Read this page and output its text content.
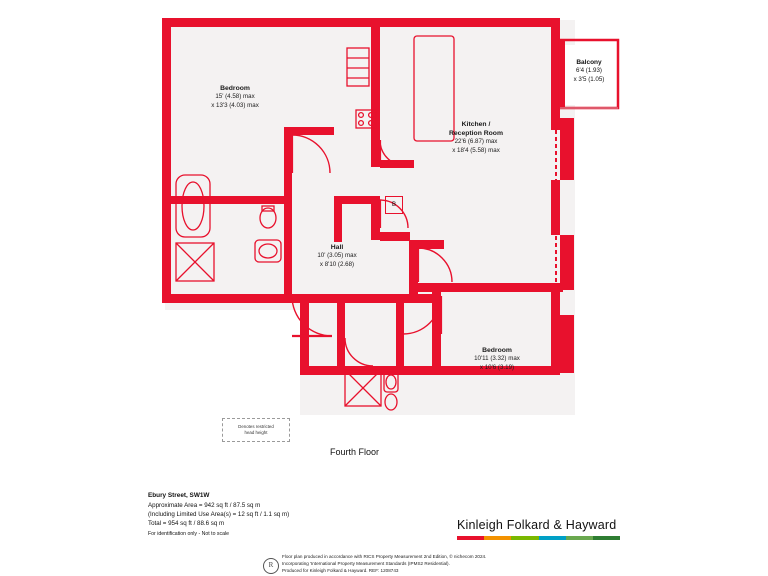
Bedroom
15' (4.58) max
x 13'3 (4.03) max
Kitchen /
Reception Room
22'6 (6.87) max
x 18'4 (5.58) max
Hall
10' (3.05) max
x 8'10 (2.68)
Bedroom
10'11 (3.32) max
x 10'6 (3.19)
Balcony
6'4 (1.93)
x 3'5 (1.05)
B
Denotes restricted
head height
Fourth Floor
Ebury Street, SW1W
Approximate Area = 942 sq ft / 87.5 sq m
(Including Limited Use Area(s) = 12 sq ft / 1.1 sq m)
Total = 954 sq ft / 88.6 sq m
For identification only - Not to scale
Kinleigh Folkard & Hayward
R
Floor plan produced in accordance with RICS Property Measurement 2nd Edition, © nichecom 2024.
Incorporating 'International Property Measurement Standards (IPMS2 Residential).
Produced for Kinleigh Folkard & Hayward. REF: 1208743
